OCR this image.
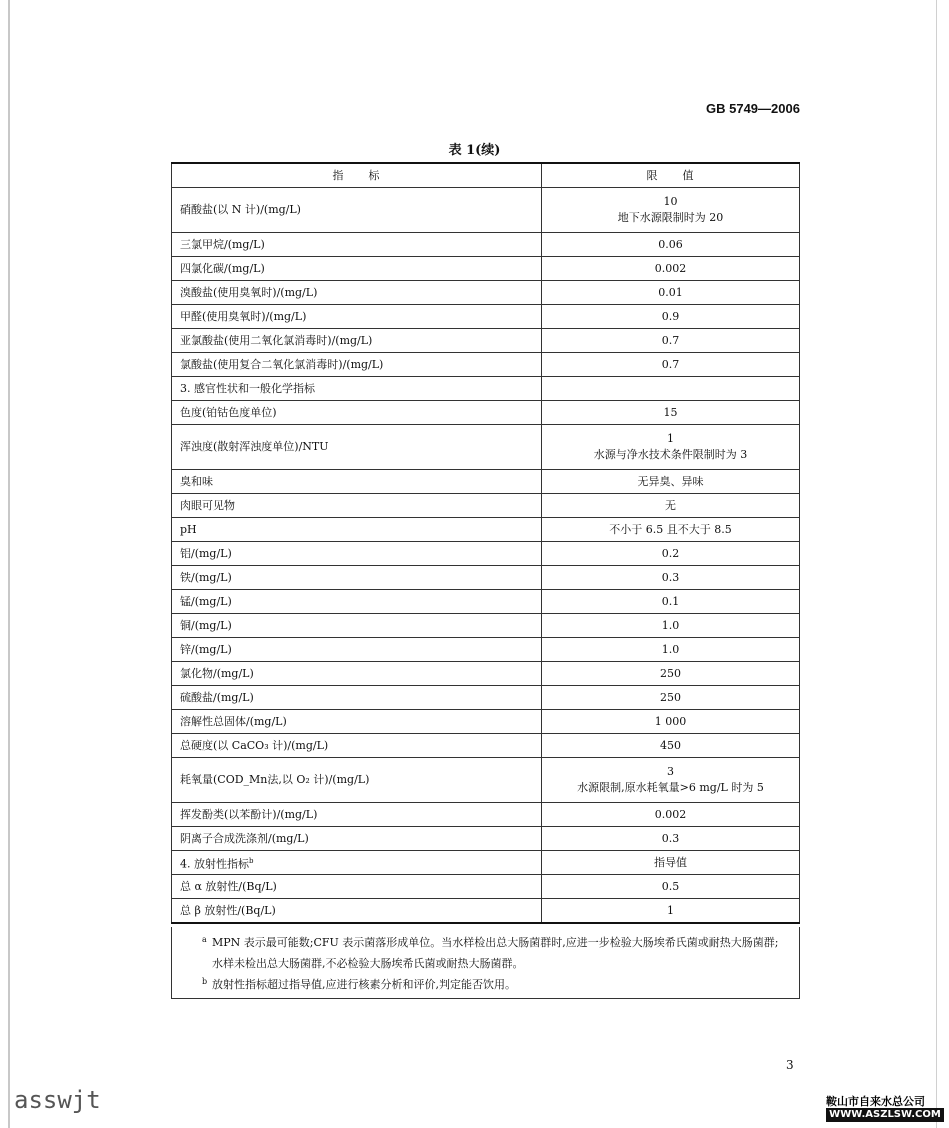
GB 5749—2006
表 1(续)
指　　标	限　　值
硝酸盐(以 N 计)/(mg/L)	10
地下水源限制时为 20

三氯甲烷/(mg/L)	0.06

四氯化碳/(mg/L)	0.002

溴酸盐(使用臭氧时)/(mg/L)	0.01

甲醛(使用臭氧时)/(mg/L)	0.9

亚氯酸盐(使用二氧化氯消毒时)/(mg/L)	0.7

氯酸盐(使用复合二氧化氯消毒时)/(mg/L)	0.7

3. 感官性状和一般化学指标	
色度(铂钴色度单位)	15

浑浊度(散射浑浊度单位)/NTU	1
水源与净水技术条件限制时为 3

臭和味	无异臭、异味

肉眼可见物	无

pH	不小于 6.5 且不大于 8.5

铝/(mg/L)	0.2

铁/(mg/L)	0.3

锰/(mg/L)	0.1

铜/(mg/L)	1.0

锌/(mg/L)	1.0

氯化物/(mg/L)	250

硫酸盐/(mg/L)	250

溶解性总固体/(mg/L)	1 000

总硬度(以 CaCO₃ 计)/(mg/L)	450

耗氧量(COD_Mn法,以 O₂ 计)/(mg/L)	3
水源限制,原水耗氧量>6 mg/L 时为 5

挥发酚类(以苯酚计)/(mg/L)	0.002

阴离子合成洗涤剂/(mg/L)	0.3

4. 放射性指标$^b$	指导值
总 α 放射性/(Bq/L)	0.5

总 β 放射性/(Bq/L)	1
a MPN 表示最可能数;CFU 表示菌落形成单位。当水样检出总大肠菌群时,应进一步检验大肠埃希氏菌或耐热大肠菌群;水样未检出总大肠菌群,不必检验大肠埃希氏菌或耐热大肠菌群。
b 放射性指标超过指导值,应进行核素分析和评价,判定能否饮用。
3
asswjt	鞍山市自来水总公司
WWW.ASZLSW.COM
